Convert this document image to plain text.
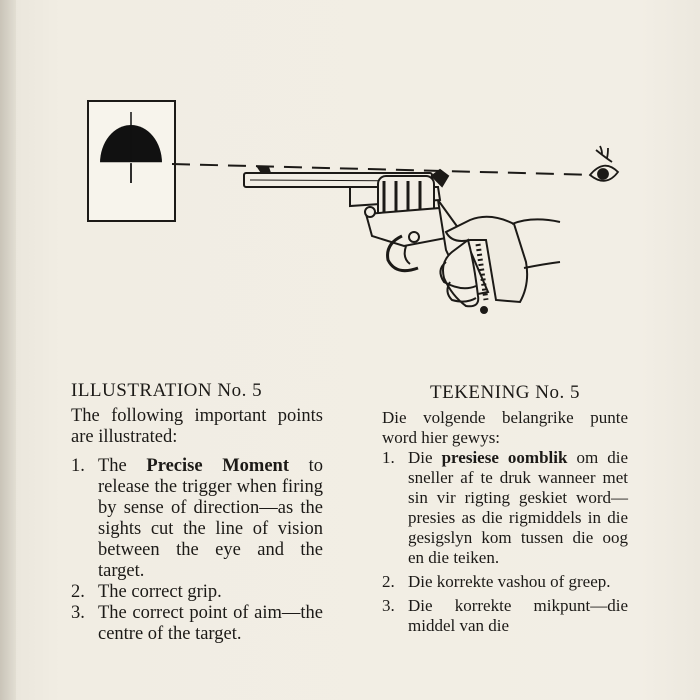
ILLUSTRATION No. 5

The following important points are illustrated:

1. The Precise Moment to release the trigger when firing by sense of direction—as the sights cut the line of vision between the eye and the target.
2. The correct grip.
3. The correct point of aim—the centre of the target.
TEKENING No. 5

Die volgende belangrike punte word hier gewys:

1. Die presiese oomblik om die sneller af te druk wanneer met sin vir rigting geskiet word—presies as die rigmiddels in die gesigslyn kom tussen die oog en die teiken.
2. Die korrekte vashou of greep.
3. Die korrekte mikpunt—die middel van die
